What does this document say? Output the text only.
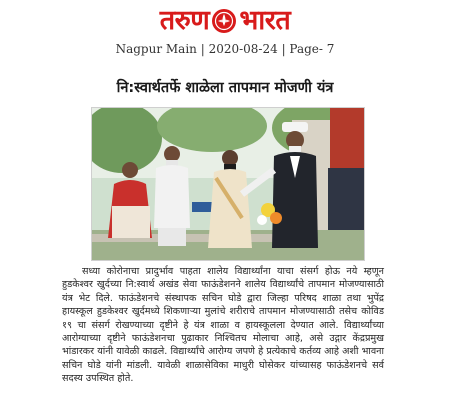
तरुण भारत
Nagpur Main | 2020-08-24 | Page- 7
नि:स्वार्थतर्फे शाळेला तापमान मोजणी यंत्र

सध्या कोरोनाचा प्रादुर्भाव पाहता शालेय विद्यार्थ्यांना याचा संसर्ग होऊ नये म्हणून हुडकेश्वर खुर्दच्या नि:स्वार्थ अखंड सेवा फाऊंडेशनने शालेय विद्यार्थ्यांचे तापमान मोजण्यासाठी यंत्र भेट दिले. फाऊंडेशनचे संस्थापक सचिन घोडे द्वारा जिल्हा परिषद शाळा तथा भुपेंद्र हायस्कूल हुडकेश्वर खुर्दमध्ये शिकणाऱ्या मुलांचे शरीराचे तापमान मोजण्यासाठी तसेच कोविड १९ चा संसर्ग रोखण्याच्या दृष्टीने हे यंत्र शाळा व हायस्कूलला देण्यात आले. विद्यार्थ्यांच्या आरोग्याच्या दृष्टीने फाऊंडेशनचा पुढाकार निश्चितच मोलाचा आहे, असे उद्गार केंद्रप्रमुख भांडारकर यांनी यावेळी काढले. विद्यार्थ्यांचे आरोग्य जपणे हे प्रत्येकाचे कर्तव्य आहे अशी भावना सचिन घोडे यांनी मांडली. यावेळी शाळासेविका माधुरी घोसेकर यांच्यासह फाऊंडेशनचे सर्व सदस्य उपस्थित होते.
